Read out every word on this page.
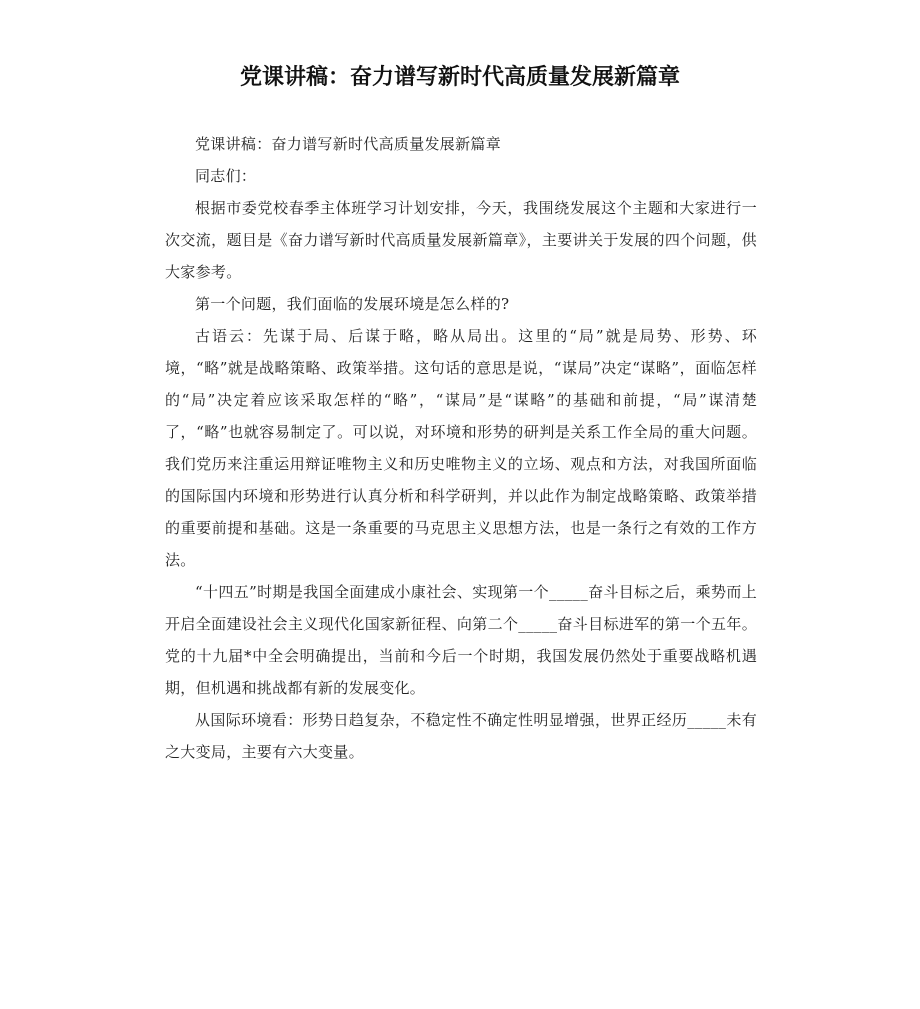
党课讲稿：奋力谱写新时代高质量发展新篇章

党课讲稿：奋力谱写新时代高质量发展新篇章

同志们：

根据市委党校春季主体班学习计划安排，今天，我围绕发展这个主题和大家进行一次交流，题目是《奋力谱写新时代高质量发展新篇章》，主要讲关于发展的四个问题，供大家参考。

第一个问题，我们面临的发展环境是怎么样的?

古语云：先谋于局、后谋于略，略从局出。这里的“局”就是局势、形势、环境，“略”就是战略策略、政策举措。这句话的意思是说，“谋局”决定“谋略”，面临怎样的“局”决定着应该采取怎样的“略”，“谋局”是“谋略”的基础和前提，“局”谋清楚了，“略”也就容易制定了。可以说，对环境和形势的研判是关系工作全局的重大问题。我们党历来注重运用辩证唯物主义和历史唯物主义的立场、观点和方法，对我国所面临的国际国内环境和形势进行认真分析和科学研判，并以此作为制定战略策略、政策举措的重要前提和基础。这是一条重要的马克思主义思想方法，也是一条行之有效的工作方法。

“十四五”时期是我国全面建成小康社会、实现第一个_____奋斗目标之后，乘势而上开启全面建设社会主义现代化国家新征程、向第二个_____奋斗目标进军的第一个五年。党的十九届*中全会明确提出，当前和今后一个时期，我国发展仍然处于重要战略机遇期，但机遇和挑战都有新的发展变化。

从国际环境看：形势日趋复杂，不稳定性不确定性明显增强，世界正经历_____未有之大变局，主要有六大变量。
